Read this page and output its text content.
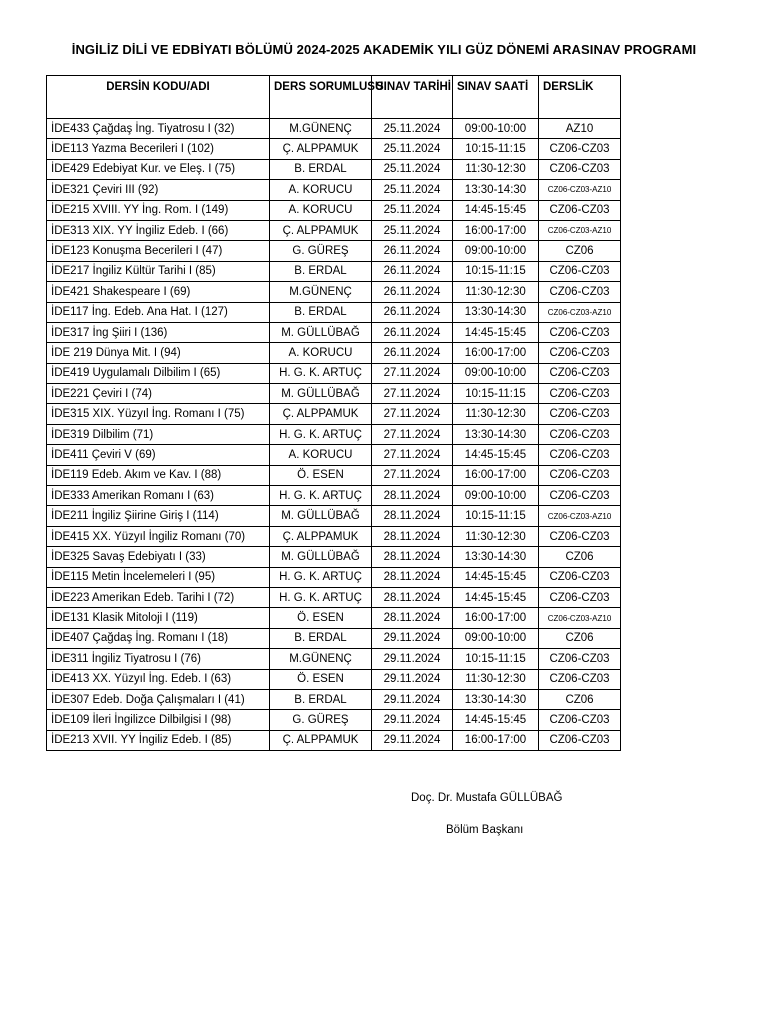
İNGİLİZ DİLİ VE EDBİYATI BÖLÜMÜ 2024-2025 AKADEMİK YILI GÜZ DÖNEMİ ARASINAV PROGRAMI
DERSİN KODU/ADI	DERS SORUMLUSU	SINAV TARİHİ	SINAV SAATİ	DERSLİK
İDE433 Çağdaş İng. Tiyatrosu I (32)	M.GÜNENÇ	25.11.2024	09:00-10:00	AZ10
İDE113 Yazma Becerileri I (102)	Ç. ALPPAMUK	25.11.2024	10:15-11:15	CZ06-CZ03
İDE429 Edebiyat Kur. ve Eleş. I (75)	B. ERDAL	25.11.2024	11:30-12:30	CZ06-CZ03
İDE321 Çeviri III (92)	A. KORUCU	25.11.2024	13:30-14:30	CZ06-CZ03-AZ10
İDE215 XVIII. YY İng. Rom. I (149)	A. KORUCU	25.11.2024	14:45-15:45	CZ06-CZ03
İDE313 XIX. YY İngiliz Edeb. I (66)	Ç. ALPPAMUK	25.11.2024	16:00-17:00	CZ06-CZ03-AZ10
İDE123 Konuşma Becerileri I (47)	G. GÜREŞ	26.11.2024	09:00-10:00	CZ06
İDE217 İngiliz Kültür Tarihi I (85)	B. ERDAL	26.11.2024	10:15-11:15	CZ06-CZ03
İDE421 Shakespeare I (69)	M.GÜNENÇ	26.11.2024	11:30-12:30	CZ06-CZ03
İDE117 İng. Edeb. Ana Hat. I (127)	B. ERDAL	26.11.2024	13:30-14:30	CZ06-CZ03-AZ10
İDE317 İng Şiiri I (136)	M. GÜLLÜBAĞ	26.11.2024	14:45-15:45	CZ06-CZ03
İDE 219 Dünya Mit. I (94)	A. KORUCU	26.11.2024	16:00-17:00	CZ06-CZ03
İDE419 Uygulamalı Dilbilim I (65)	H. G. K. ARTUÇ	27.11.2024	09:00-10:00	CZ06-CZ03
İDE221 Çeviri I (74)	M. GÜLLÜBAĞ	27.11.2024	10:15-11:15	CZ06-CZ03
İDE315 XIX. Yüzyıl İng. Romanı I (75)	Ç. ALPPAMUK	27.11.2024	11:30-12:30	CZ06-CZ03
İDE319 Dilbilim (71)	H. G. K. ARTUÇ	27.11.2024	13:30-14:30	CZ06-CZ03
İDE411 Çeviri V (69)	A. KORUCU	27.11.2024	14:45-15:45	CZ06-CZ03
İDE119 Edeb. Akım ve Kav. I (88)	Ö. ESEN	27.11.2024	16:00-17:00	CZ06-CZ03
İDE333 Amerikan Romanı I (63)	H. G. K. ARTUÇ	28.11.2024	09:00-10:00	CZ06-CZ03
İDE211 İngiliz Şiirine Giriş I (114)	M. GÜLLÜBAĞ	28.11.2024	10:15-11:15	CZ06-CZ03-AZ10
İDE415 XX. Yüzyıl İngiliz Romanı (70)	Ç. ALPPAMUK	28.11.2024	11:30-12:30	CZ06-CZ03
İDE325 Savaş Edebiyatı I (33)	M. GÜLLÜBAĞ	28.11.2024	13:30-14:30	CZ06
İDE115 Metin İncelemeleri I (95)	H. G. K. ARTUÇ	28.11.2024	14:45-15:45	CZ06-CZ03
İDE223 Amerikan Edeb. Tarihi I (72)	H. G. K. ARTUÇ	28.11.2024	14:45-15:45	CZ06-CZ03
İDE131 Klasik Mitoloji I (119)	Ö. ESEN	28.11.2024	16:00-17:00	CZ06-CZ03-AZ10
İDE407 Çağdaş İng. Romanı I (18)	B. ERDAL	29.11.2024	09:00-10:00	CZ06
İDE311 İngiliz Tiyatrosu I (76)	M.GÜNENÇ	29.11.2024	10:15-11:15	CZ06-CZ03
İDE413 XX. Yüzyıl İng. Edeb. I (63)	Ö. ESEN	29.11.2024	11:30-12:30	CZ06-CZ03
İDE307 Edeb. Doğa Çalışmaları I (41)	B. ERDAL	29.11.2024	13:30-14:30	CZ06
İDE109 İleri İngilizce Dilbilgisi I (98)	G. GÜREŞ	29.11.2024	14:45-15:45	CZ06-CZ03
İDE213 XVII. YY İngiliz Edeb. I (85)	Ç. ALPPAMUK	29.11.2024	16:00-17:00	CZ06-CZ03
Doç. Dr. Mustafa GÜLLÜBAĞ
Bölüm Başkanı
